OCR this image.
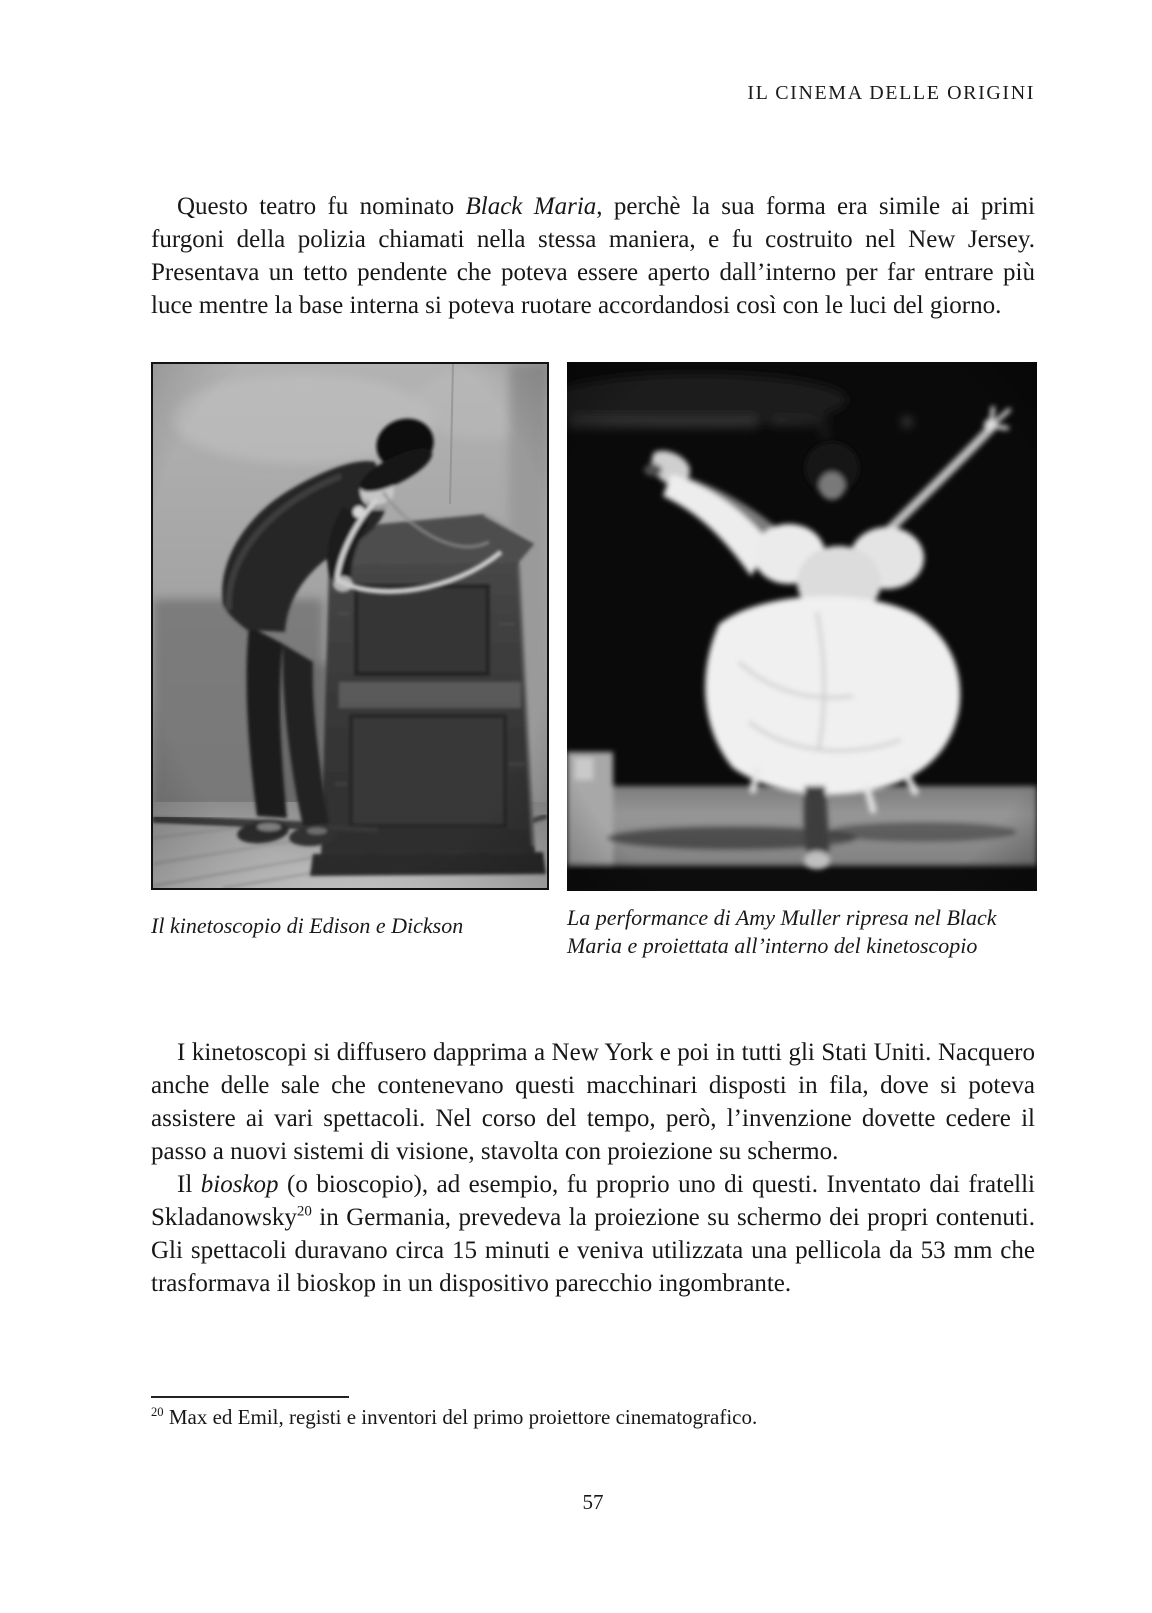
IL CINEMA DELLE ORIGINI

Questo teatro fu nominato Black Maria, perchè la sua forma era simile ai primi furgoni della polizia chiamati nella stessa maniera, e fu costruito nel New Jersey. Presentava un tetto pendente che poteva essere aperto dall’interno per far entrare più luce mentre la base interna si poteva ruotare accordandosi così con le luci del giorno.

Il kinetoscopio di Edison e Dickson	La performance di Amy Muller ripresa nel Black Maria e proiettata all’interno del kinetoscopio

I kinetoscopi si diffusero dapprima a New York e poi in tutti gli Stati Uniti. Nacquero anche delle sale che contenevano questi macchinari disposti in fila, dove si poteva assistere ai vari spettacoli. Nel corso del tempo, però, l’invenzione dovette cedere il passo a nuovi sistemi di visione, stavolta con proiezione su schermo.

Il bioskop (o bioscopio), ad esempio, fu proprio uno di questi. Inventato dai fratelli Skladanowsky$^{20}$ in Germania, prevedeva la proiezione su schermo dei propri contenuti. Gli spettacoli duravano circa 15 minuti e veniva utilizzata una pellicola da 53 mm che trasformava il bioskop in un dispositivo parecchio ingombrante.

$^{20}$ Max ed Emil, registi e inventori del primo proiettore cinematografico.

57
